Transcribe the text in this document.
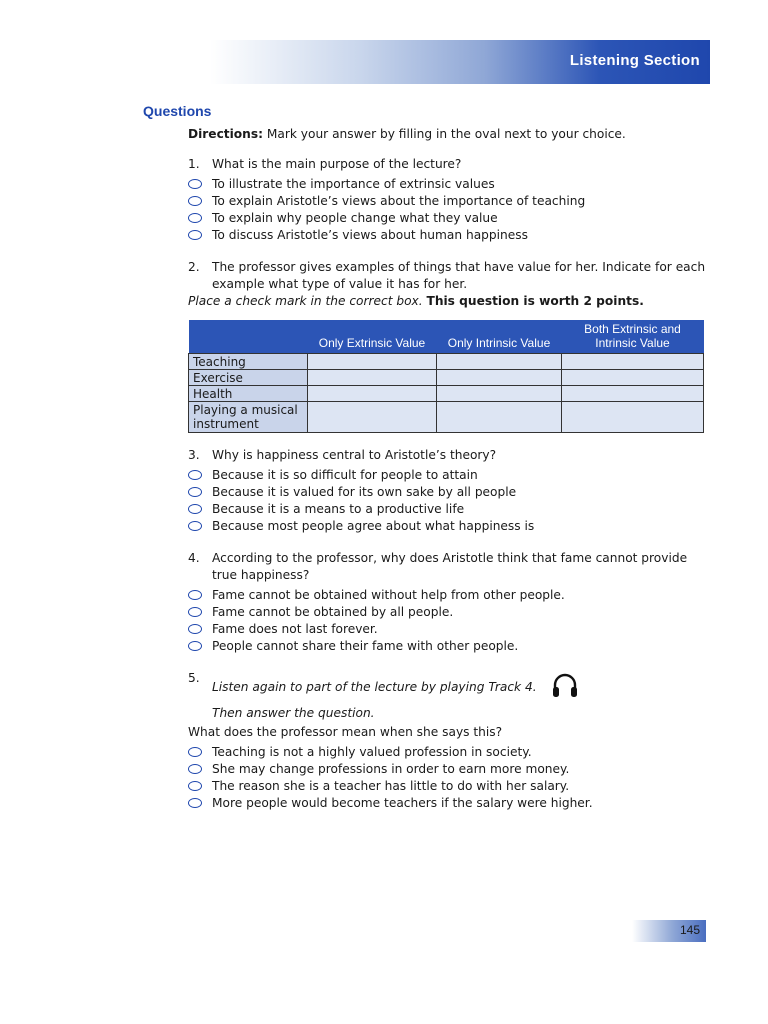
Listening Section
Questions

Directions: Mark your answer by filling in the oval next to your choice.

1.	What is the main purpose of the lecture?
To illustrate the importance of extrinsic values
To explain Aristotle’s views about the importance of teaching
To explain why people change what they value
To discuss Aristotle’s views about human happiness
2.	The professor gives examples of things that have value for her. Indicate for each example what type of value it has for her.
Place a check mark in the correct box. This question is worth 2 points.
	Only Extrinsic Value	Only Intrinsic Value	Both Extrinsic and Intrinsic Value
Teaching			
Exercise			
Health			
Playing a musical instrument			
3.	Why is happiness central to Aristotle’s theory?
Because it is so difficult for people to attain
Because it is valued for its own sake by all people
Because it is a means to a productive life
Because most people agree about what happiness is
4.	According to the professor, why does Aristotle think that fame cannot provide true happiness?
Fame cannot be obtained without help from other people.
Fame cannot be obtained by all people.
Fame does not last forever.
People cannot share their fame with other people.
5.
Listen again to part of the lecture by playing Track 4.
Then answer the question.
What does the professor mean when she says this?
Teaching is not a highly valued profession in society.
She may change professions in order to earn more money.
The reason she is a teacher has little to do with her salary.
More people would become teachers if the salary were higher.
145
